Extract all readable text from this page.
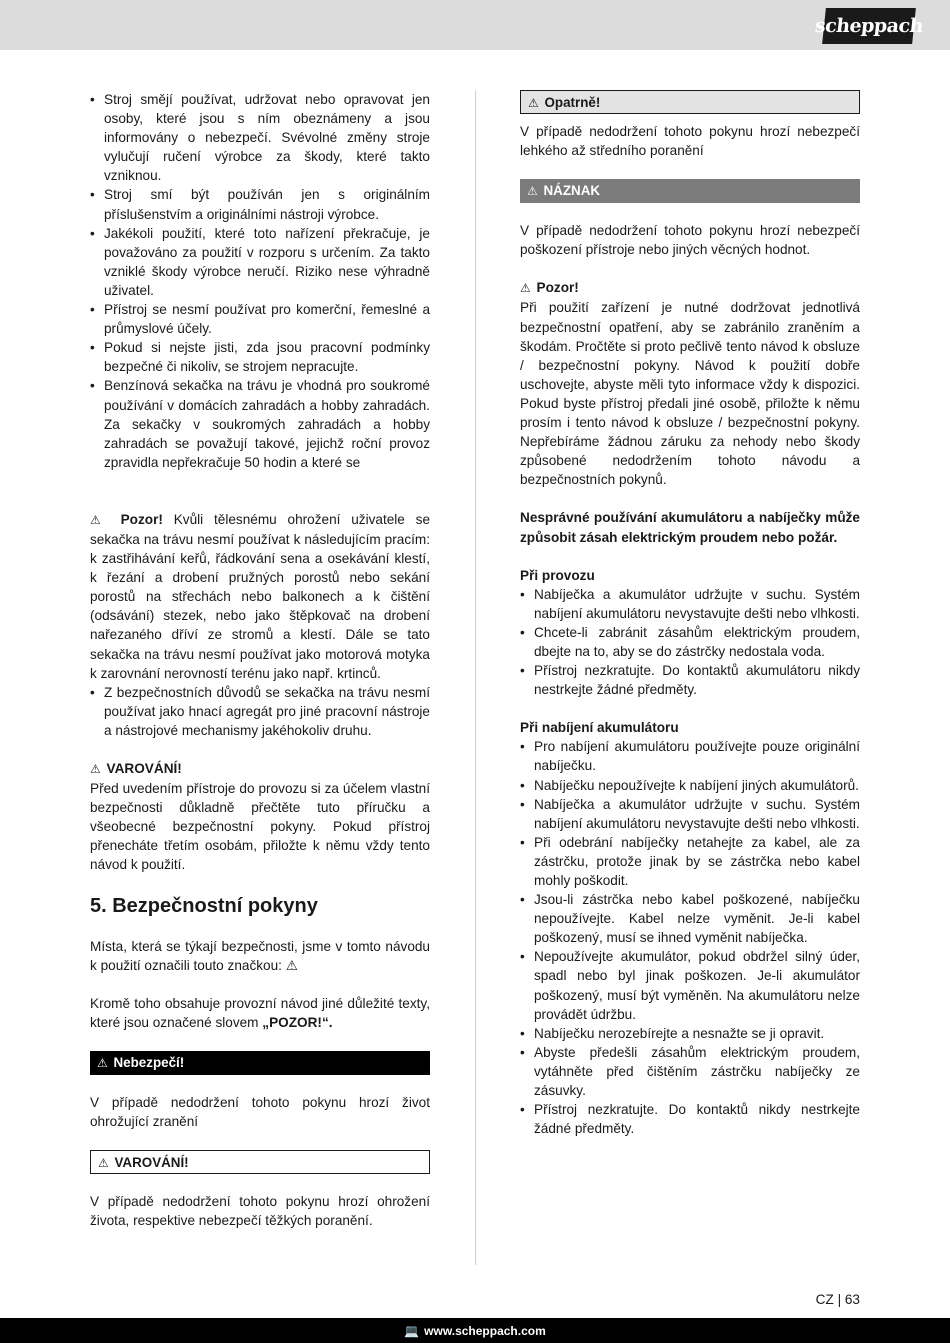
scheppach
• Stroj smějí používat, udržovat nebo opravovat jen osoby, které jsou s ním obeznámeny a jsou informovány o nebezpečí. Svévolné změny stroje vylučují ručení výrobce za škody, které takto vzniknou.
• Stroj smí být používán jen s originálním příslušenstvím a originálními nástroji výrobce.
• Jakékoli použití, které toto nařízení překračuje, je považováno za použití v rozporu s určením. Za takto vzniklé škody výrobce neručí. Riziko nese výhradně uživatel.
• Přístroj se nesmí používat pro komerční, řemeslné a průmyslové účely.
• Pokud si nejste jisti, zda jsou pracovní podmínky bezpečné či nikoliv, se strojem nepracujte.
• Benzínová sekačka na trávu je vhodná pro soukromé používání v domácích zahradách a hobby zahradách. Za sekačky v soukromých zahradách a hobby zahradách se považují takové, jejichž roční provoz zpravidla nepřekračuje 50 hodin a které se

⚠ Pozor! Kvůli tělesnému ohrožení uživatele se sekačka na trávu nesmí používat k následujícím pracím: k zastřihávání keřů, řádkování sena a osekávání klestí, k řezání a drobení pružných porostů nebo sekání porostů na střechách nebo balkonech a k čištění (odsávání) stezek, nebo jako štěpkovač na drobení nařezaného dříví ze stromů a klestí. Dále se tato sekačka na trávu nesmí používat jako motorová motyka k zarovnání nerovností terénu jako např. krtinců.

• Z bezpečnostních důvodů se sekačka na trávu nesmí používat jako hnací agregát pro jiné pracovní nástroje a nástrojové mechanismy jakéhokoliv druhu.

⚠ VAROVÁNÍ!

Před uvedením přístroje do provozu si za účelem vlastní bezpečnosti důkladně přečtěte tuto příručku a všeobecné bezpečnostní pokyny. Pokud přístroj přenecháte třetím osobám, přiložte k němu vždy tento návod k použití.

5. Bezpečnostní pokyny

Místa, která se týkají bezpečnosti, jsme v tomto návodu k použití označili touto značkou: ⚠

Kromě toho obsahuje provozní návod jiné důležité texty, které jsou označené slovem „POZOR!“.

⚠ Nebezpečí!

V případě nedodržení tohoto pokynu hrozí život ohrožující zranění

⚠ VAROVÁNÍ!

V případě nedodržení tohoto pokynu hrozí ohrožení života, respektive nebezpečí těžkých poranění.

⚠ Opatrně!

V případě nedodržení tohoto pokynu hrozí nebezpečí lehkého až středního poranění

⚠ NÁZNAK

V případě nedodržení tohoto pokynu hrozí nebezpečí poškození přístroje nebo jiných věcných hodnot.

⚠ Pozor!

Při použití zařízení je nutné dodržovat jednotlivá bezpečnostní opatření, aby se zabránilo zraněním a škodám. Pročtěte si proto pečlivě tento návod k obsluze / bezpečnostní pokyny. Návod k použití dobře uschovejte, abyste měli tyto informace vždy k dispozici. Pokud byste přístroj předali jiné osobě, přiložte k němu prosím i tento návod k obsluze / bezpečnostní pokyny. Nepřebíráme žádnou záruku za nehody nebo škody způsobené nedodržením tohoto návodu a bezpečnostních pokynů.

Nesprávné používání akumulátoru a nabíječky může způsobit zásah elektrickým proudem nebo požár.

Při provozu

• Nabíječka a akumulátor udržujte v suchu. Systém nabíjení akumulátoru nevystavujte dešti nebo vlhkosti.
• Chcete-li zabránit zásahům elektrickým proudem, dbejte na to, aby se do zástrčky nedostala voda.
• Přístroj nezkratujte. Do kontaktů akumulátoru nikdy nestrkejte žádné předměty.

Při nabíjení akumulátoru

• Pro nabíjení akumulátoru používejte pouze originální nabíječku.
• Nabíječku nepoužívejte k nabíjení jiných akumulátorů.
• Nabíječka a akumulátor udržujte v suchu. Systém nabíjení akumulátoru nevystavujte dešti nebo vlhkosti.
• Při odebrání nabíječky netahejte za kabel, ale za zástrčku, protože jinak by se zástrčka nebo kabel mohly poškodit.
• Jsou-li zástrčka nebo kabel poškozené, nabíječku nepoužívejte. Kabel nelze vyměnit. Je-li kabel poškozený, musí se ihned vyměnit nabíječka.
• Nepoužívejte akumulátor, pokud obdržel silný úder, spadl nebo byl jinak poškozen. Je-li akumulátor poškozený, musí být vyměněn. Na akumulátoru nelze provádět údržbu.
• Nabíječku nerozebírejte a nesnažte se ji opravit.
• Abyste předešli zásahům elektrickým proudem, vytáhněte před čištěním zástrčku nabíječky ze zásuvky.
• Přístroj nezkratujte. Do kontaktů nikdy nestrkejte žádné předměty.
CZ | 63
💻 www.scheppach.com
